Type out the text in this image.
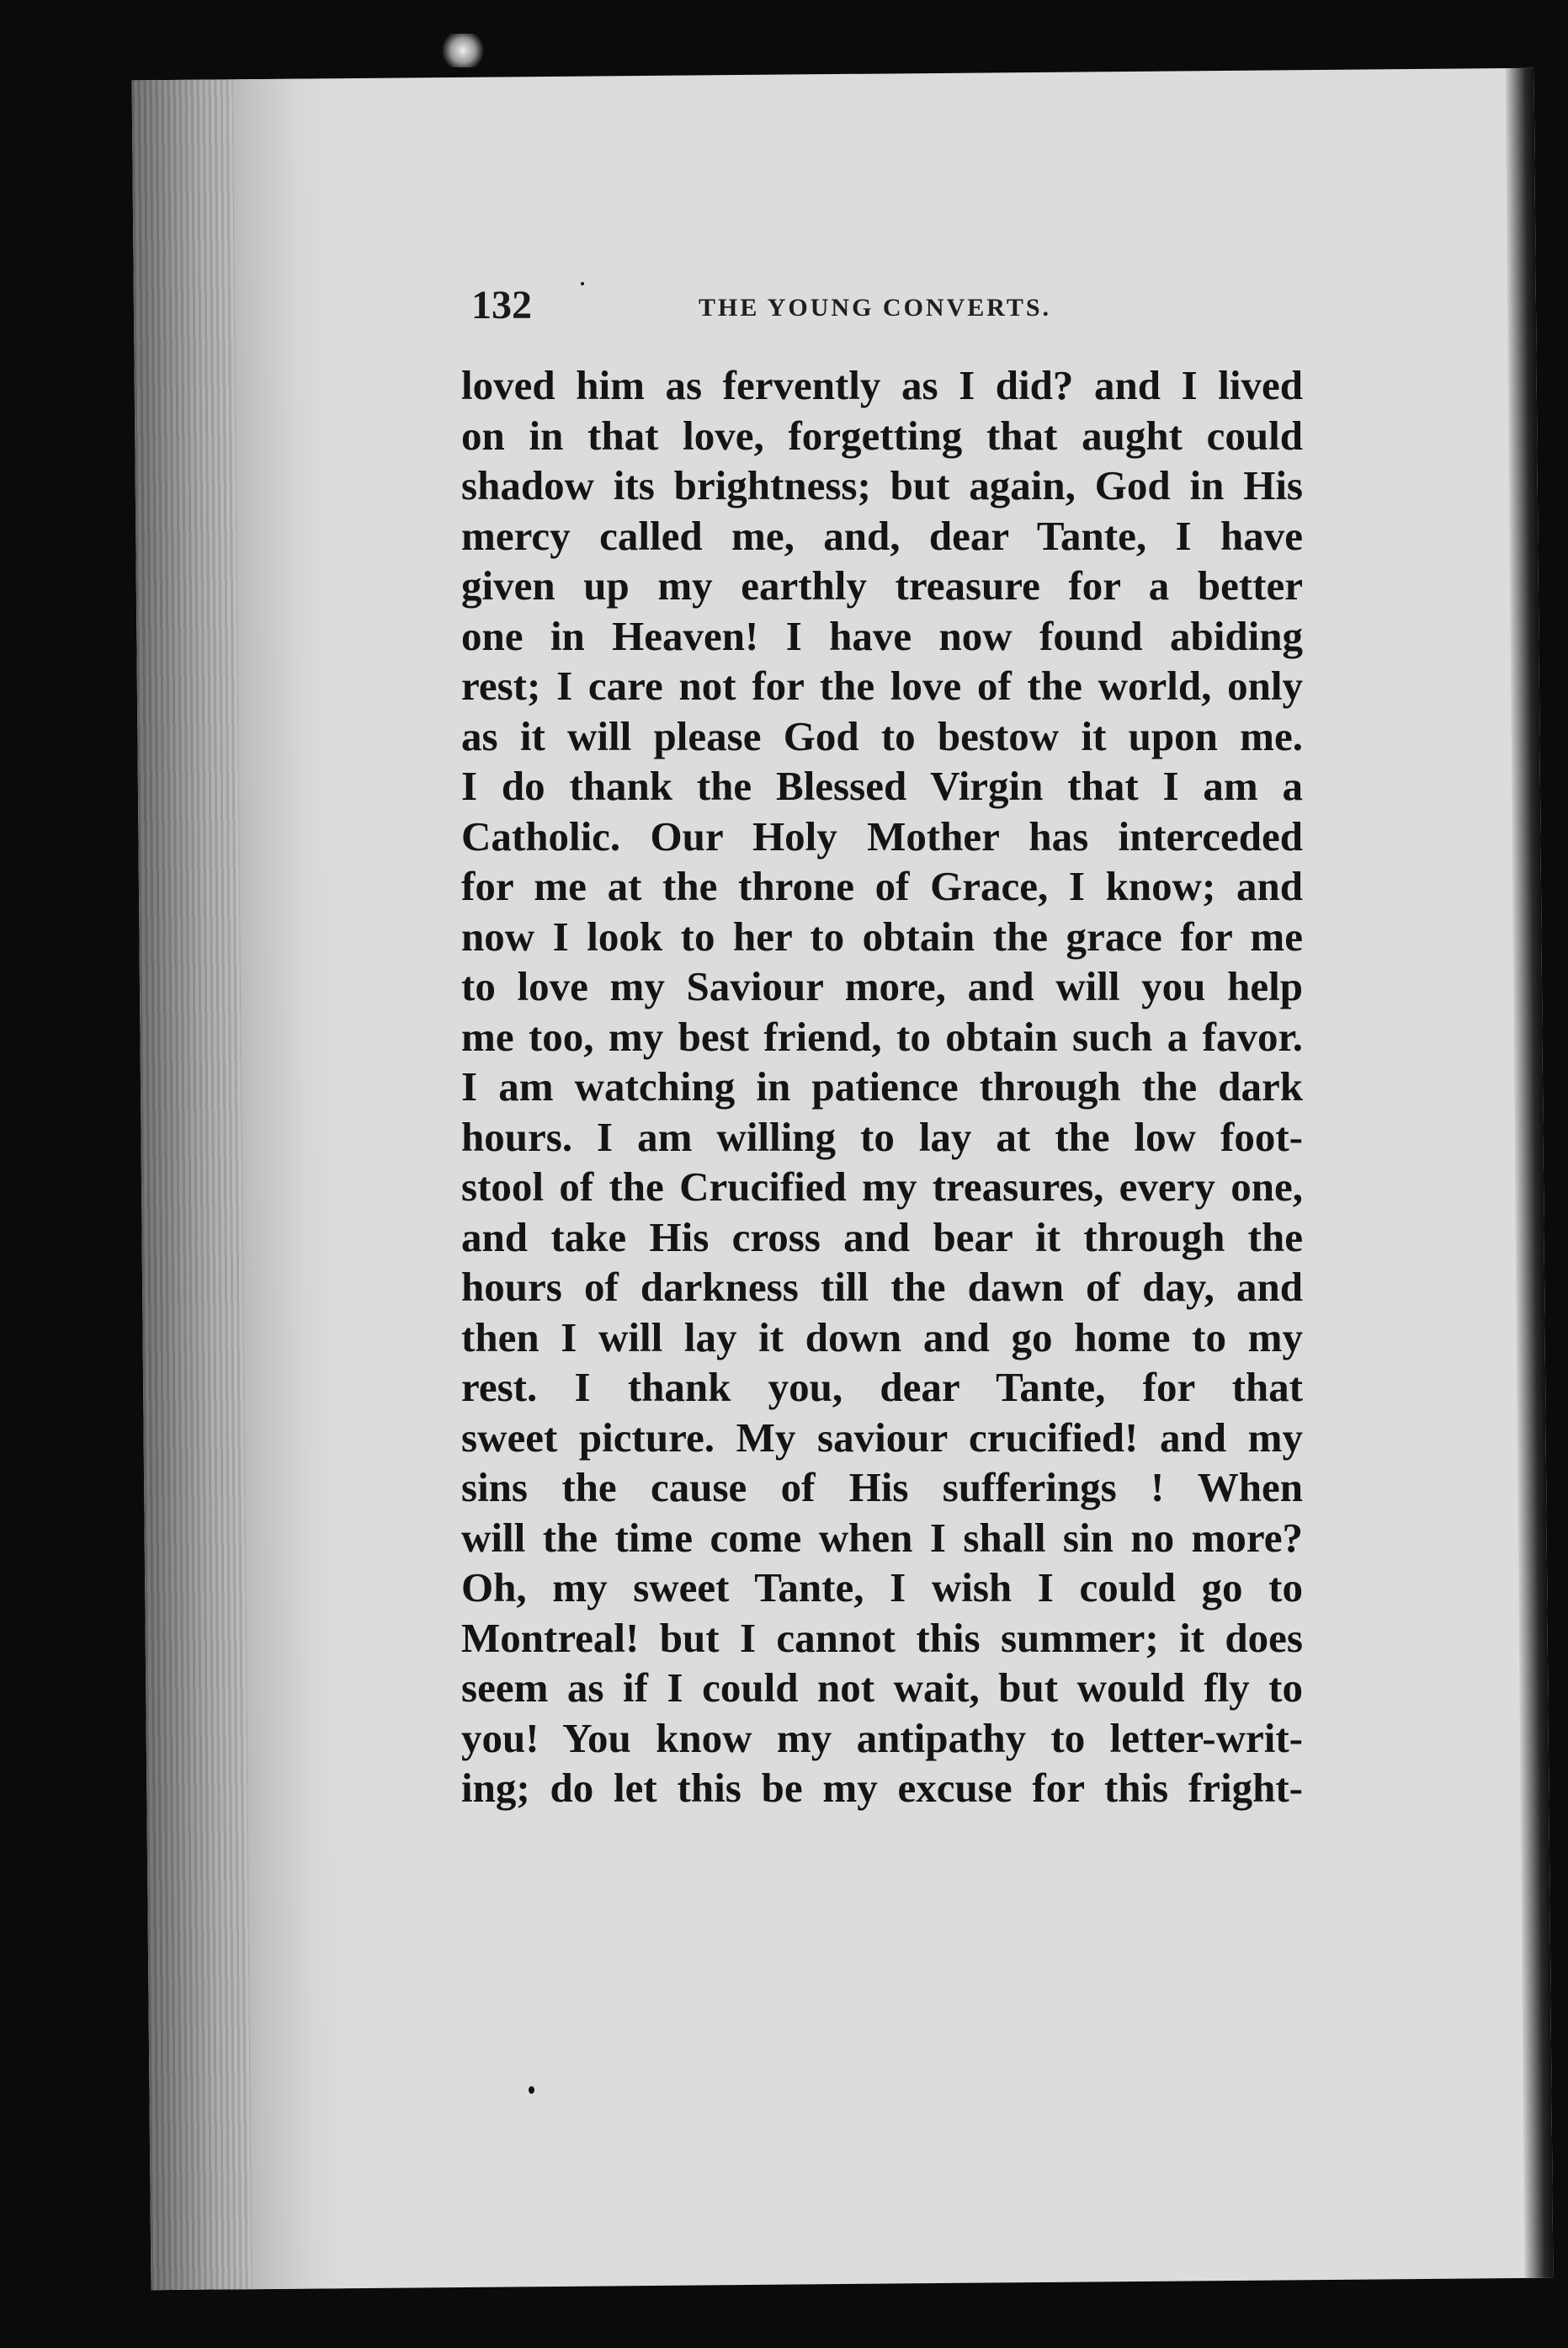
132	THE YOUNG CONVERTS.
loved him as fervently as I did? and I lived
on in that love, forgetting that aught could
shadow its brightness; but again, God in His
mercy called me, and, dear Tante, I have
given up my earthly treasure for a better
one in Heaven! I have now found abiding
rest; I care not for the love of the world, only
as it will please God to bestow it upon me.
I do thank the Blessed Virgin that I am a
Catholic. Our Holy Mother has interceded
for me at the throne of Grace, I know; and
now I look to her to obtain the grace for me
to love my Saviour more, and will you help
me too, my best friend, to obtain such a favor.
I am watching in patience through the dark
hours. I am willing to lay at the low foot-
stool of the Crucified my treasures, every one,
and take His cross and bear it through the
hours of darkness till the dawn of day, and
then I will lay it down and go home to my
rest. I thank you, dear Tante, for that
sweet picture. My saviour crucified! and my
sins the cause of His sufferings ! When
will the time come when I shall sin no more?
Oh, my sweet Tante, I wish I could go to
Montreal! but I cannot this summer; it does
seem as if I could not wait, but would fly to
you! You know my antipathy to letter-writ-
ing; do let this be my excuse for this fright-
